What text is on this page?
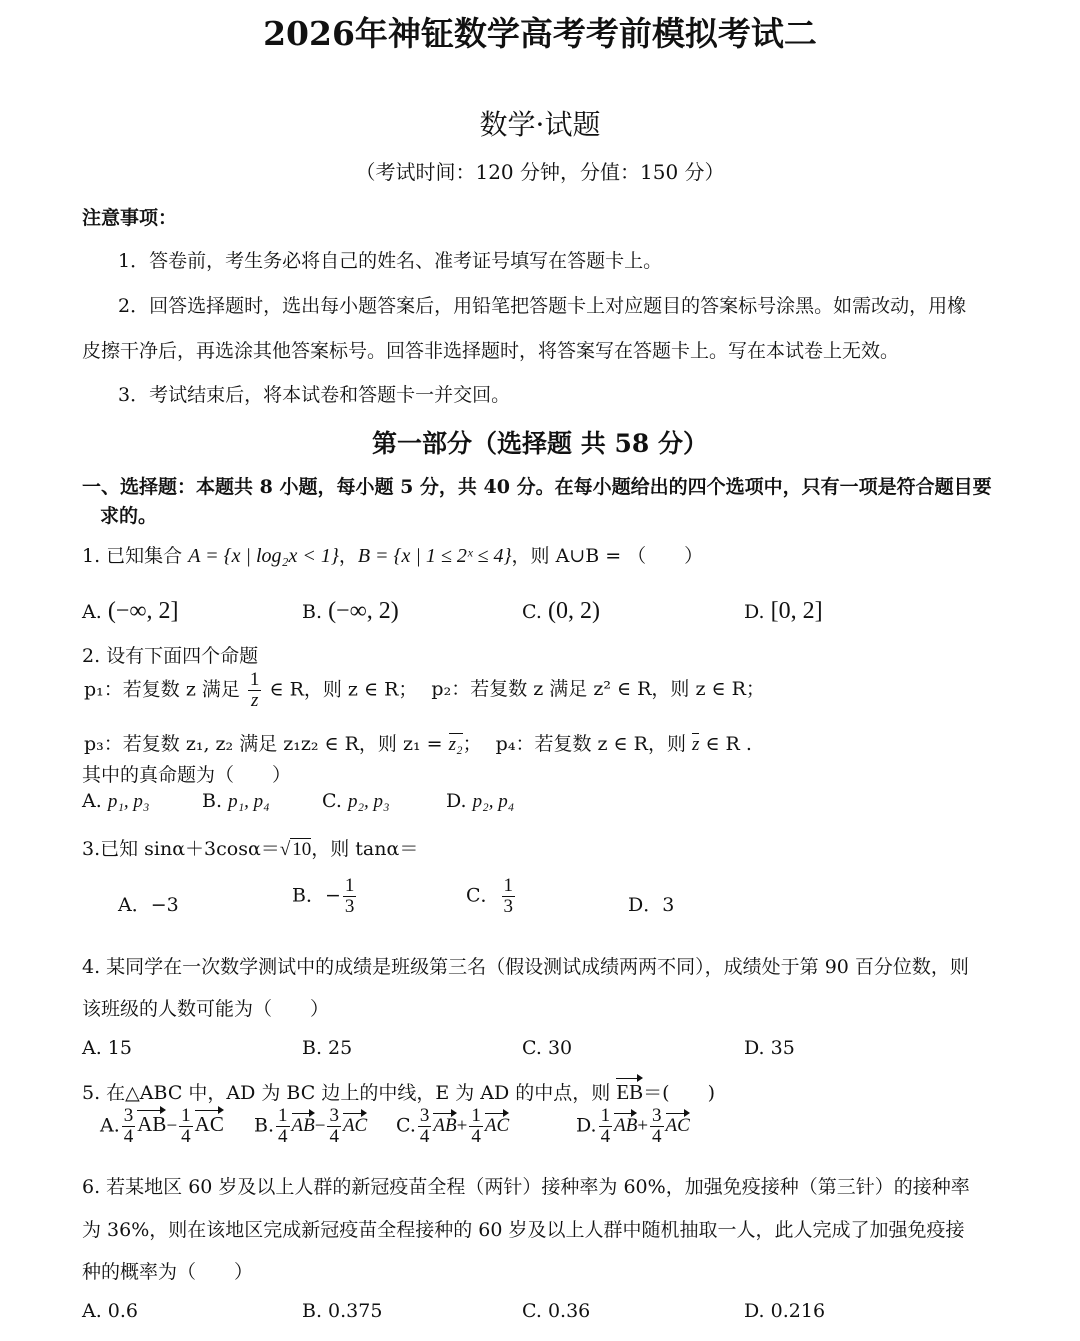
2026年神钲数学高考考前模拟考试二
数学·试题
（考试时间：120 分钟，分值：150 分）
注意事项：
1．答卷前，考生务必将自己的姓名、准考证号填写在答题卡上。
2．回答选择题时，选出每小题答案后，用铅笔把答题卡上对应题目的答案标号涂黑。如需改动，用橡
皮擦干净后，再选涂其他答案标号。回答非选择题时，将答案写在答题卡上。写在本试卷上无效。
3．考试结束后，将本试卷和答题卡一并交回。
第一部分（选择题 共 58 分）
一、选择题：本题共 8 小题，每小题 5 分，共 40 分。在每小题给出的四个选项中，只有一项是符合题目要
求的。
1. 已知集合 A = {x | log₂x < 1}，B = {x | 1 ≤ 2ˣ ≤ 4}，则 A∪B = （　　）
A. (−∞, 2]	B. (−∞, 2)	C. (0, 2)	D. [0, 2]
2. 设有下面四个命题
p₁：若复数 z 满足 $\frac{1}{z}$ ∈ R，则 z ∈ R； p₂：若复数 z 满足 z² ∈ R，则 z ∈ R；
p₃：若复数 z₁, z₂ 满足 z₁z₂ ∈ R，则 z₁ = z₂； p₄：若复数 z ∈ R，则 z ∈ R .
其中的真命题为（　　）
A. p₁, p₃	B. p₁, p₄	C. p₂, p₃	D. p₂, p₄
3.已知 sinα＋3cosα＝√ 10，则 tanα＝
A．−3	B．− $\frac{1}{3}$	C． $\frac{1}{3}$	D．3
4. 某同学在一次数学测试中的成绩是班级第三名（假设测试成绩两两不同），成绩处于第 90 百分位数，则
该班级的人数可能为（　　）
A. 15	B. 25	C. 30	D. 35
5. 在△ABC 中，AD 为 BC 边上的中线，E 为 AD 的中点，则 EB＝(　　)
A. $\frac{3}{4} AB- \frac{1}{4}$ AC B. $\frac{1}{4} AB- \frac{3}{4}$ AC C. $\frac{3}{4} AB+ \frac{1}{4}$ AC	D. $\frac{1}{4} AB+ \frac{3}{4}$ AC
6. 若某地区 60 岁及以上人群的新冠疫苗全程（两针）接种率为 60%，加强免疫接种（第三针）的接种率
为 36%，则在该地区完成新冠疫苗全程接种的 60 岁及以上人群中随机抽取一人，此人完成了加强免疫接
种的概率为（　　）
A. 0.6	B. 0.375	C. 0.36	D. 0.216
